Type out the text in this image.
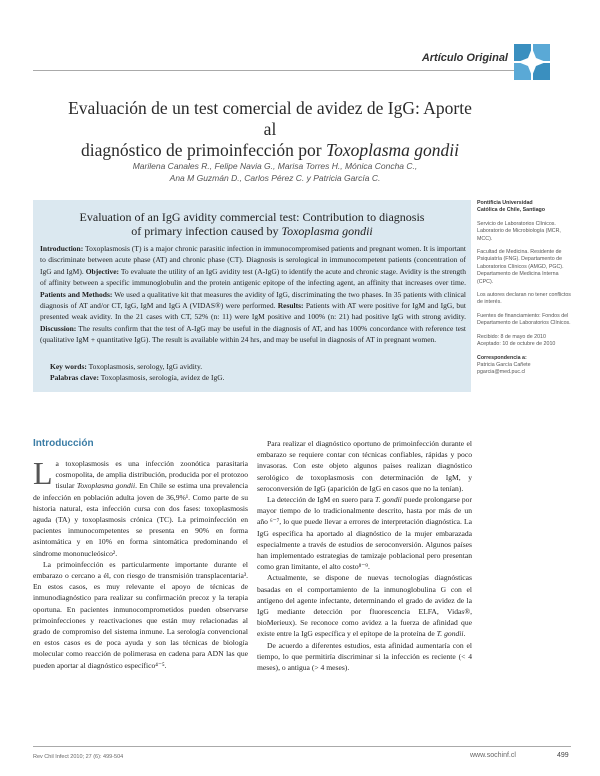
Artículo Original
Evaluación de un test comercial de avidez de IgG: Aporte al
diagnóstico de primoinfección por Toxoplasma gondii
Marilena Canales R., Felipe Navia G., Marisa Torres H., Mónica Concha C.,
Ana M Guzmán D., Carlos Pérez C. y Patricia García C.
Evaluation of an IgG avidity commercial test: Contribution to diagnosis
of primary infection caused by Toxoplasma gondii

Introduction: Toxoplasmosis (T) is a major chronic parasitic infection in immunocompromised patients and pregnant women. It is important to discriminate between acute phase (AT) and chronic phase (CT). Diagnosis is serological in immunocompetent patients (concentration of IgG and IgM). Objective: To evaluate the utility of an IgG avidity test (A-IgG) to identify the acute and chronic stage. Avidity is the strength of affinity between a specific immunoglobulin and the protein antigenic epitope of the infecting agent, an affinity that increases over time. Patients and Methods: We used a qualitative kit that measures the avidity of IgG, discriminating the two phases. In 35 patients with clinical diagnosis of AT and/or CT, IgG, IgM and IgG A (VIDAS®) were performed. Results: Patients with AT were positive for IgM and IgG, but presented weak avidity. In the 21 cases with CT, 52% (n: 11) were IgM positive and 100% (n: 21) had positive IgG with strong avidity. Discussion: The results confirm that the test of A-IgG may be useful in the diagnosis of AT, and has 100% concordance with reference test (qualitative IgM + quantitative IgG). The result is available within 24 hrs, and may be useful in diagnosis of AT in pregnant women.

Key words: Toxoplasmosis, serology, IgG avidity.

Palabras clave: Toxoplasmosis, serología, avidez de IgG.

Pontificia Universidad
Católica de Chile, Santiago

Servicio de Laboratorios Clínicos. Laboratorio de Microbiología (MCR, MCC).

Facultad de Medicina. Residente de Psiquiatría (FNG). Departamento de Laboratorios Clínicos (AMGD, PGC). Departamento de Medicina Interna (CPC).

Los autores declaran no tener conflictos de interés.

Fuentes de financiamiento: Fondos del Departamento de Laboratorios Clínicos.

Recibido: 8 de mayo de 2010
Aceptado: 10 de octubre de 2010

Correspondencia a:
Patricia García Cañete
pgarcia@med.puc.cl

Introducción

La toxoplasmosis es una infección zoonótica parasitaria cosmopolita, de amplia distribución, producida por el protozoo tisular Toxoplasma gondii. En Chile se estima una prevalencia de infección en población adulta joven de 36,9%¹. Como parte de su historia natural, esta infección cursa con dos fases: toxoplasmosis aguda (TA) y toxoplasmosis crónica (TC). La primoinfección en pacientes inmunocompetentes se presenta en 90% en forma asintomática y en 10% en forma sintomática predominando el síndrome mononucleósico².

La primoinfección es particularmente importante durante el embarazo o cercano a él, con riesgo de transmisión transplacentaria³. En estos casos, es muy relevante el apoyo de técnicas de inmunodiagnóstico para realizar su confirmación precoz y la terapia oportuna. En pacientes inmunocomprometidos pueden observarse primoinfecciones y reactivaciones que están muy relacionadas al grado de compromiso del sistema inmune. La serología convencional en estos casos es de poca ayuda y son las técnicas de biología molecular como reacción de polimerasa en cadena para ADN las que pueden aportar al diagnóstico específico⁴⁻⁵.

Para realizar el diagnóstico oportuno de primoinfección durante el embarazo se requiere contar con técnicas confiables, rápidas y poco invasoras. Con este objeto algunos países realizan diagnóstico serológico de toxoplasmosis con determinación de IgM, y seroconversión de IgG (aparición de IgG en casos que no la tenían).

La detección de IgM en suero para T. gondii puede prolongarse por mayor tiempo de lo tradicionalmente descrito, hasta por más de un año ⁶⁻⁷, lo que puede llevar a errores de interpretación diagnóstica. La IgG específica ha aportado al diagnóstico de la mujer embarazada especialmente a través de estudios de seroconversión. Algunos países han implementado estrategias de tamizaje poblacional pero presentan como gran limitante, el alto costo⁸⁻⁹.

Actualmente, se dispone de nuevas tecnologías diagnósticas basadas en el comportamiento de la inmunoglobulina G con el antígeno del agente infectante, determinando el grado de avidez de la IgG mediante detección por fluorescencia ELFA, Vidas®, bioMerieux). Se reconoce como avidez a la fuerza de afinidad que existe entre la IgG específica y el epítope de la proteína de T. gondii.

De acuerdo a diferentes estudios, esta afinidad aumentaría con el tiempo, lo que permitiría discriminar si la infección es reciente (< 4 meses), o antigua (> 4 meses).

Rev Chil Infect 2010; 27 (6): 499-504	www.sochinf.cl	499
